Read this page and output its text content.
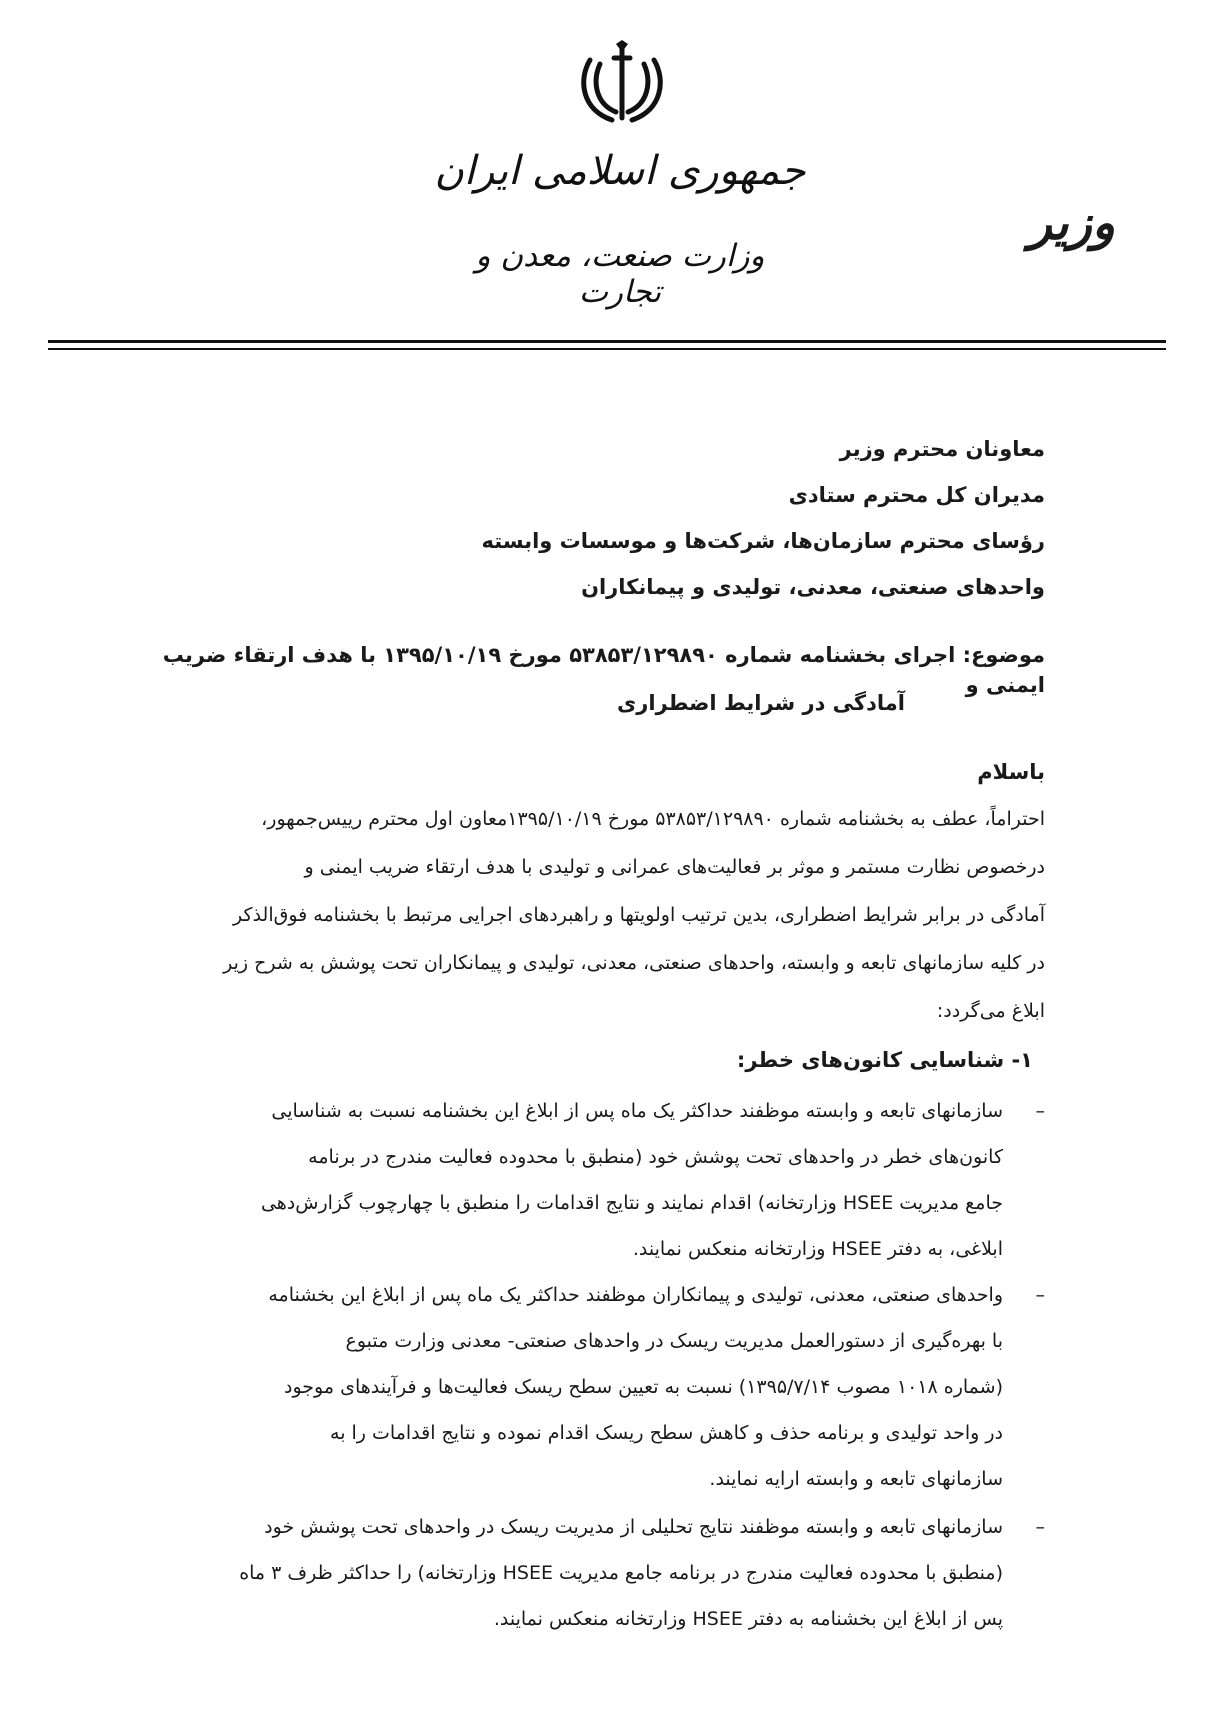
جمهوری اسلامی ایران
وزارت صنعت، معدن و تجارت
وزیر
معاونان محترم وزیر
مدیران کل محترم ستادی
رؤسای محترم سازمان‌ها، شرکت‌ها و موسسات وابسته
واحدهای صنعتی، معدنی، تولیدی و پیمانکاران
موضوع: اجرای بخشنامه شماره ۵۳۸۵۳/۱۲۹۸۹۰ مورخ ۱۳۹۵/۱۰/۱۹ با هدف ارتقاء ضریب ایمنی و
آمادگی در شرایط اضطراری
باسلام
احتراماً، عطف به بخشنامه شماره ۵۳۸۵۳/۱۲۹۸۹۰ مورخ ۱۳۹۵/۱۰/۱۹معاون اول محترم رییس‌جمهور،
درخصوص نظارت مستمر و موثر بر فعالیت‌های عمرانی و تولیدی با هدف ارتقاء ضریب ایمنی و
آمادگی در برابر شرایط اضطراری، بدین ترتیب اولویتها و راهبردهای اجرایی مرتبط با بخشنامه فوق‌الذکر
در کلیه سازمانهای تابعه و وابسته، واحدهای صنعتی، معدنی، تولیدی و پیمانکاران تحت پوشش به شرح زیر
ابلاغ می‌گردد:
۱- شناسایی کانون‌های خطر:
–
سازمانهای تابعه و وابسته موظفند حداکثر یک ماه پس از ابلاغ این بخشنامه نسبت به شناسایی
کانون‌های خطر در واحدهای تحت پوشش خود (منطبق با محدوده فعالیت مندرج در برنامه
جامع مدیریت HSEE وزارتخانه) اقدام نمایند و نتایج اقدامات را منطبق با چهارچوب گزارش‌دهی
ابلاغی، به دفتر HSEE وزارتخانه منعکس نمایند.
–
واحدهای صنعتی، معدنی، تولیدی و پیمانکاران موظفند حداکثر یک ماه پس از ابلاغ این بخشنامه
با بهره‌گیری از دستورالعمل مدیریت ریسک در واحدهای صنعتی- معدنی وزارت متبوع
(شماره ۱۰۱۸ مصوب ۱۳۹۵/۷/۱۴) نسبت به تعیین سطح ریسک فعالیت‌ها و فرآیندهای موجود
در واحد تولیدی و برنامه حذف و کاهش سطح ریسک اقدام نموده و نتایج اقدامات را به
سازمانهای تابعه و وابسته ارایه نمایند.
–
سازمانهای تابعه و وابسته موظفند نتایج تحلیلی از مدیریت ریسک در واحدهای تحت پوشش خود
(منطبق با محدوده فعالیت مندرج در برنامه جامع مدیریت HSEE وزارتخانه) را حداکثر ظرف ۳ ماه
پس از ابلاغ این بخشنامه به دفتر HSEE وزارتخانه منعکس نمایند.
